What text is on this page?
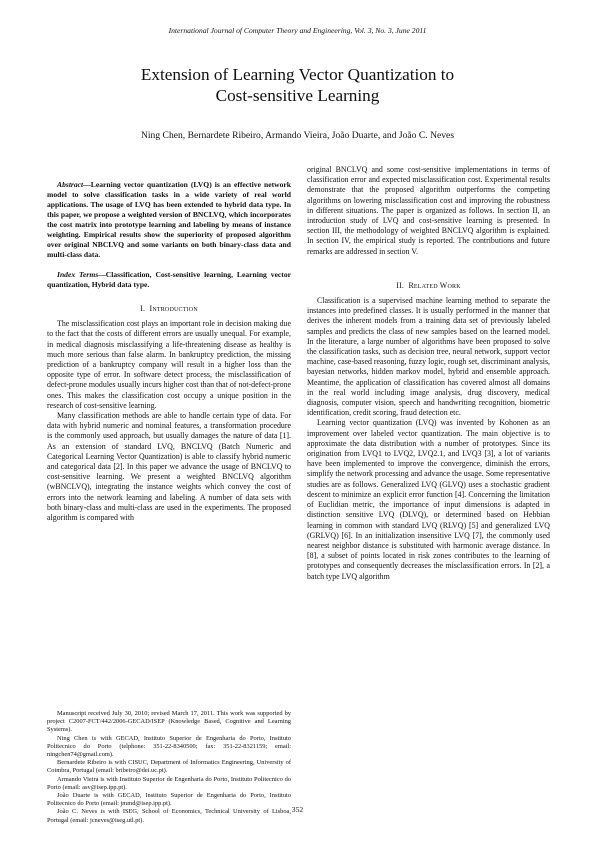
International Journal of Computer Theory and Engineering, Vol. 3, No. 3, June 2011
Extension of Learning Vector Quantization to
Cost-sensitive Learning
Ning Chen, Bernardete Ribeiro, Armando Vieira, João Duarte, and João C. Neves

Abstract—Learning vector quantization (LVQ) is an effective network model to solve classification tasks in a wide variety of real world applications. The usage of LVQ has been extended to hybrid data type. In this paper, we propose a weighted version of BNCLVQ, which incorporates the cost matrix into prototype learning and labeling by means of instance weighting. Empirical results show the superiority of proposed algorithm over original NBCLVQ and some variants on both binary-class data and multi-class data.

Index Terms—Classification, Cost-sensitive learning, Learning vector quantization, Hybrid data type.

I. Introduction

The misclassification cost plays an important role in decision making due to the fact that the costs of different errors are usually unequal. For example, in medical diagnosis misclassifying a life-threatening disease as healthy is much more serious than false alarm. In bankruptcy prediction, the missing prediction of a bankruptcy company will result in a higher loss than the opposite type of error. In software detect process, the misclassification of defect-prone modules usually incurs higher cost than that of not-defect-prone ones. This makes the classification cost occupy a unique position in the research of cost-sensitive learning.

Many classification methods are able to handle certain type of data. For data with hybrid numeric and nominal features, a transformation procedure is the commonly used approach, but usually damages the nature of data [1]. As an extension of standard LVQ, BNCLVQ (Batch Numeric and Categorical Learning Vector Quantization) is able to classify hybrid numeric and categorical data [2]. In this paper we advance the usage of BNCLVQ to cost-sensitive learning. We present a weighted BNCLVQ algorithm (wBNCLVQ), integrating the instance weights which convey the cost of errors into the network learning and labeling. A number of data sets with both binary-class and multi-class are used in the experiments. The proposed algorithm is compared with

original BNCLVQ and some cost-sensitive implementations in terms of classification error and expected misclassification cost. Experimental results demonstrate that the proposed algorithm outperforms the competing algorithms on lowering misclassification cost and improving the robustness in different situations. The paper is organized as follows. In section II, an introduction study of LVQ and cost-sensitive learning is presented. In section III, the methodology of weighted BNCLVQ algorithm is explained. In section IV, the empirical study is reported. The contributions and future remarks are addressed in section V.

II. Related Work

Classification is a supervised machine learning method to separate the instances into predefined classes. It is usually performed in the manner that derives the inherent models from a training data set of previously labeled samples and predicts the class of new samples based on the learned model. In the literature, a large number of algorithms have been proposed to solve the classification tasks, such as decision tree, neural network, support vector machine, case-based reasoning, fuzzy logic, rough set, discriminant analysis, bayesian networks, hidden markov model, hybrid and ensemble approach. Meantime, the application of classification has covered almost all domains in the real world including image analysis, drug discovery, medical diagnosis, computer vision, speech and handwriting recognition, biometric identification, credit scoring, fraud detection etc.

Learning vector quantization (LVQ) was invented by Kohonen as an improvement over labeled vector quantization. The main objective is to approximate the data distribution with a number of prototypes. Since its origination from LVQ1 to LVQ2, LVQ2.1, and LVQ3 [3], a lot of variants have been implemented to improve the convergence, diminish the errors, simplify the network processing and advance the usage. Some representative studies are as follows. Generalized LVQ (GLVQ) uses a stochastic gradient descent to minimize an explicit error function [4]. Concerning the limitation of Euclidian metric, the importance of input dimensions is adapted in distinction sensitive LVQ (DLVQ), or determined based on Hebbian learning in common with standard LVQ (RLVQ) [5] and generalized LVQ (GRLVQ) [6]. In an initialization insensitive LVQ [7], the commonly used nearest neighbor distance is substituted with harmonic average distance. In [8], a subset of points located in risk zones contributes to the learning of prototypes and consequently decreases the misclassification errors. In [2], a batch type LVQ algorithm

Manuscript received July 30, 2010; revised March 17, 2011. This work was supported by project C2007-FCT/442/2006-GECAD/ISEP (Knowledge Based, Cognitive and Learning Systems).

Ning Chen is with GECAD, Instituto Superior de Engenharia do Porto, Instituto Politecnico do Porto (telphone: 351-22-8340500; fax: 351-22-8321159; email: ningchen74@gmail.com).

Bernardete Ribeiro is with CISUC, Department of Informatics Engineering, University of Coimbra, Portugal (email: bribeiro@dei.uc.pt).

Armando Vieira is with Instituto Superior de Engenharia do Porto, Instituto Politecnico do Porto (email: asv@isep.ipp.pt).

João Duarte is with GECAD, Instituto Superior de Engenharia do Porto, Instituto Politecnico do Porto (email: jmmd@isep.ipp.pt).

João C. Neves is with ISEG, School of Economics, Technical University of Lisboa, Portugal (email: jcneves@iseg.utl.pt).

352
